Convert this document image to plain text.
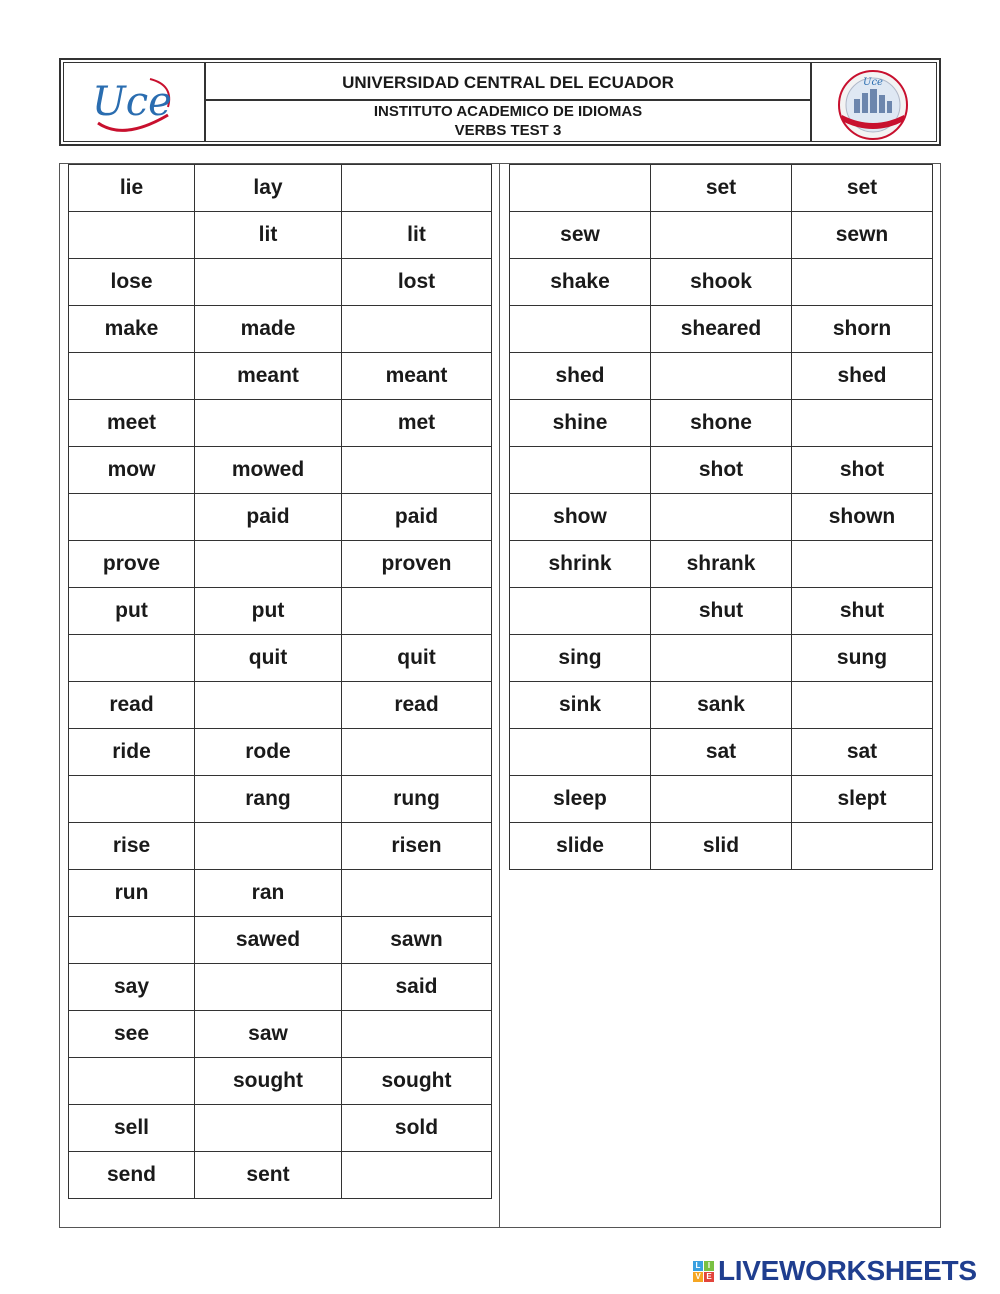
Uce	UNIVERSIDAD CENTRAL DEL ECUADOR
INSTITUTO ACADEMICO DE IDIOMAS
VERBS TEST 3
Uce
lie	lay	
	lit	lit
lose		lost
make	made	
	meant	meant
meet		met
mow	mowed	
	paid	paid
prove		proven
put	put	
	quit	quit
read		read
ride	rode	
	rang	rung
rise		risen
run	ran	
	sawed	sawn
say		said
see	saw	
	sought	sought
sell		sold
send	sent	
	set	set
sew		sewn
shake	shook	
	sheared	shorn
shed		shed
shine	shone	
	shot	shot
show		shown
shrink	shrank	
	shut	shut
sing		sung
sink	sank	
	sat	sat
sleep		slept
slide	slid	
L I
V E LIVEWORKSHEETS
